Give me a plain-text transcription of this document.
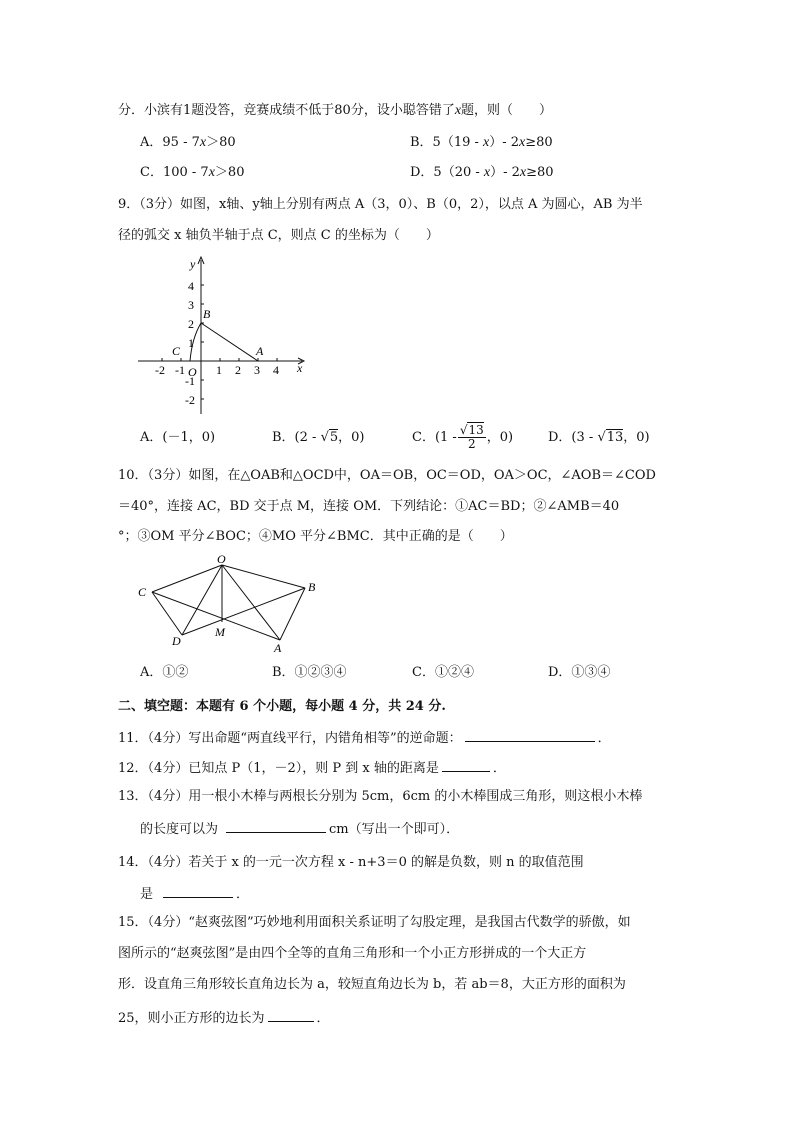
分．小滨有1题没答，竞赛成绩不低于80分，设小聪答错了x题，则（　　）
A．95 - 7x＞80	B．5（19 - x）- 2x≥80
C．100 - 7x＞80	D．5（20 - x）- 2x≥80
9．（3分）如图，x轴、y轴上分别有两点 A（3，0）、B（0，2），以点 A 为圆心，AB 为半
径的弧交 x 轴负半轴于点 C，则点 C 的坐标为（　　）
y
x
B
A
C
O
4
3
2
1
-1
-2
-2 -1	1 2 3 4
A．(－1，0)	B．(2 - √5，0)	C．($1 - \frac{√13}{2}$ ，0)	D．(3 - √13，0)
10．（3分）如图，在△OAB和△OCD中，OA＝OB，OC＝OD，OA＞OC，∠AOB＝∠COD
＝40°，连接 AC，BD 交于点 M，连接 OM．下列结论：①AC＝BD；②∠AMB＝40
°；③OM 平分∠BOC；④MO 平分∠BMC．其中正确的是（　　）
O
B
C
D
M
A
A．①②	B．①②③④	C．①②④	D．①③④
二、填空题：本题有 6 个小题，每小题 4 分，共 24 分.
11．（4分）写出命题“两直线平行，内错角相等”的逆命题：	．
12．（4分）已知点 P（1，－2），则 P 到 x 轴的距离是	．
13．（4分）用一根小木棒与两根长分别为 5cm，6cm 的小木棒围成三角形，则这根小木棒
的长度可以为	cm（写出一个即可）．
14．（4分）若关于 x 的一元一次方程 x - n+3＝0 的解是负数，则 n 的取值范围
是	．
15．（4分）“赵爽弦图”巧妙地利用面积关系证明了勾股定理，是我国古代数学的骄傲，如
图所示的“赵爽弦图”是由四个全等的直角三角形和一个小正方形拼成的一个大正方
形．设直角三角形较长直角边长为 a，较短直角边长为 b，若 ab＝8，大正方形的面积为
25，则小正方形的边长为	．
